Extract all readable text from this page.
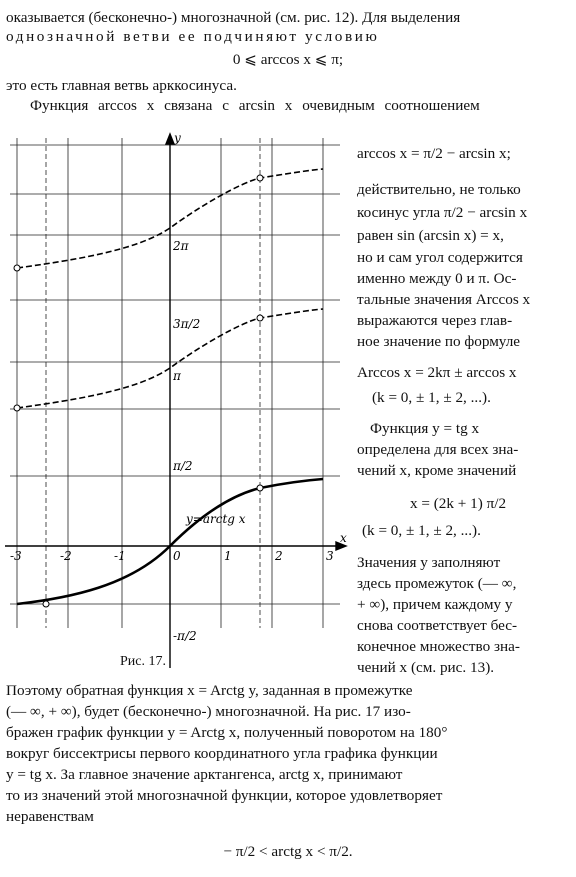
оказывается (бесконечно-) многозначной (см. рис. 12). Для выделения
однозначной ветви ее подчиняют условию
0 ⩽ arccos x ⩽ π;
это есть главная ветвь арккосинуса.
Функция arccos x связана с arcsin x очевидным соотношением
arccos x = π/2 − arcsin x;
действительно, не только
косинус угла π/2 − arcsin x
равен sin (arcsin x) = x,
но и сам угол содержится
именно между 0 и π. Ос-
тальные значения Arccos x
выражаются через глав-
ное значение по формуле
Arccos x = 2kπ ± arccos x
(k = 0, ± 1, ± 2, ...).
Функция y = tg x
определена для всех зна-
чений x, кроме значений
x = (2k + 1) π/2
(k = 0, ± 1, ± 2, ...).
Значения y заполняют
здесь промежуток (— ∞,
+ ∞), причем каждому y
снова соответствует бес-
конечное множество зна-
чений x (см. рис. 13).
y
x
y=arctg x
2π
3π/2
π
π/2
-π/2
-3	-2	-1	0	1	2	3
Рис. 17.
Поэтому обратная функция x = Arctg y, заданная в промежутке
(— ∞, + ∞), будет (бесконечно-) многозначной. На рис. 17 изо-
бражен график функции y = Arctg x, полученный поворотом на 180°
вокруг биссектрисы первого координатного угла графика функции
y = tg x. За главное значение арктангенса, arctg x, принимают
то из значений этой многозначной функции, которое удовлетворяет
неравенствам
− π/2 < arctg x < π/2.
